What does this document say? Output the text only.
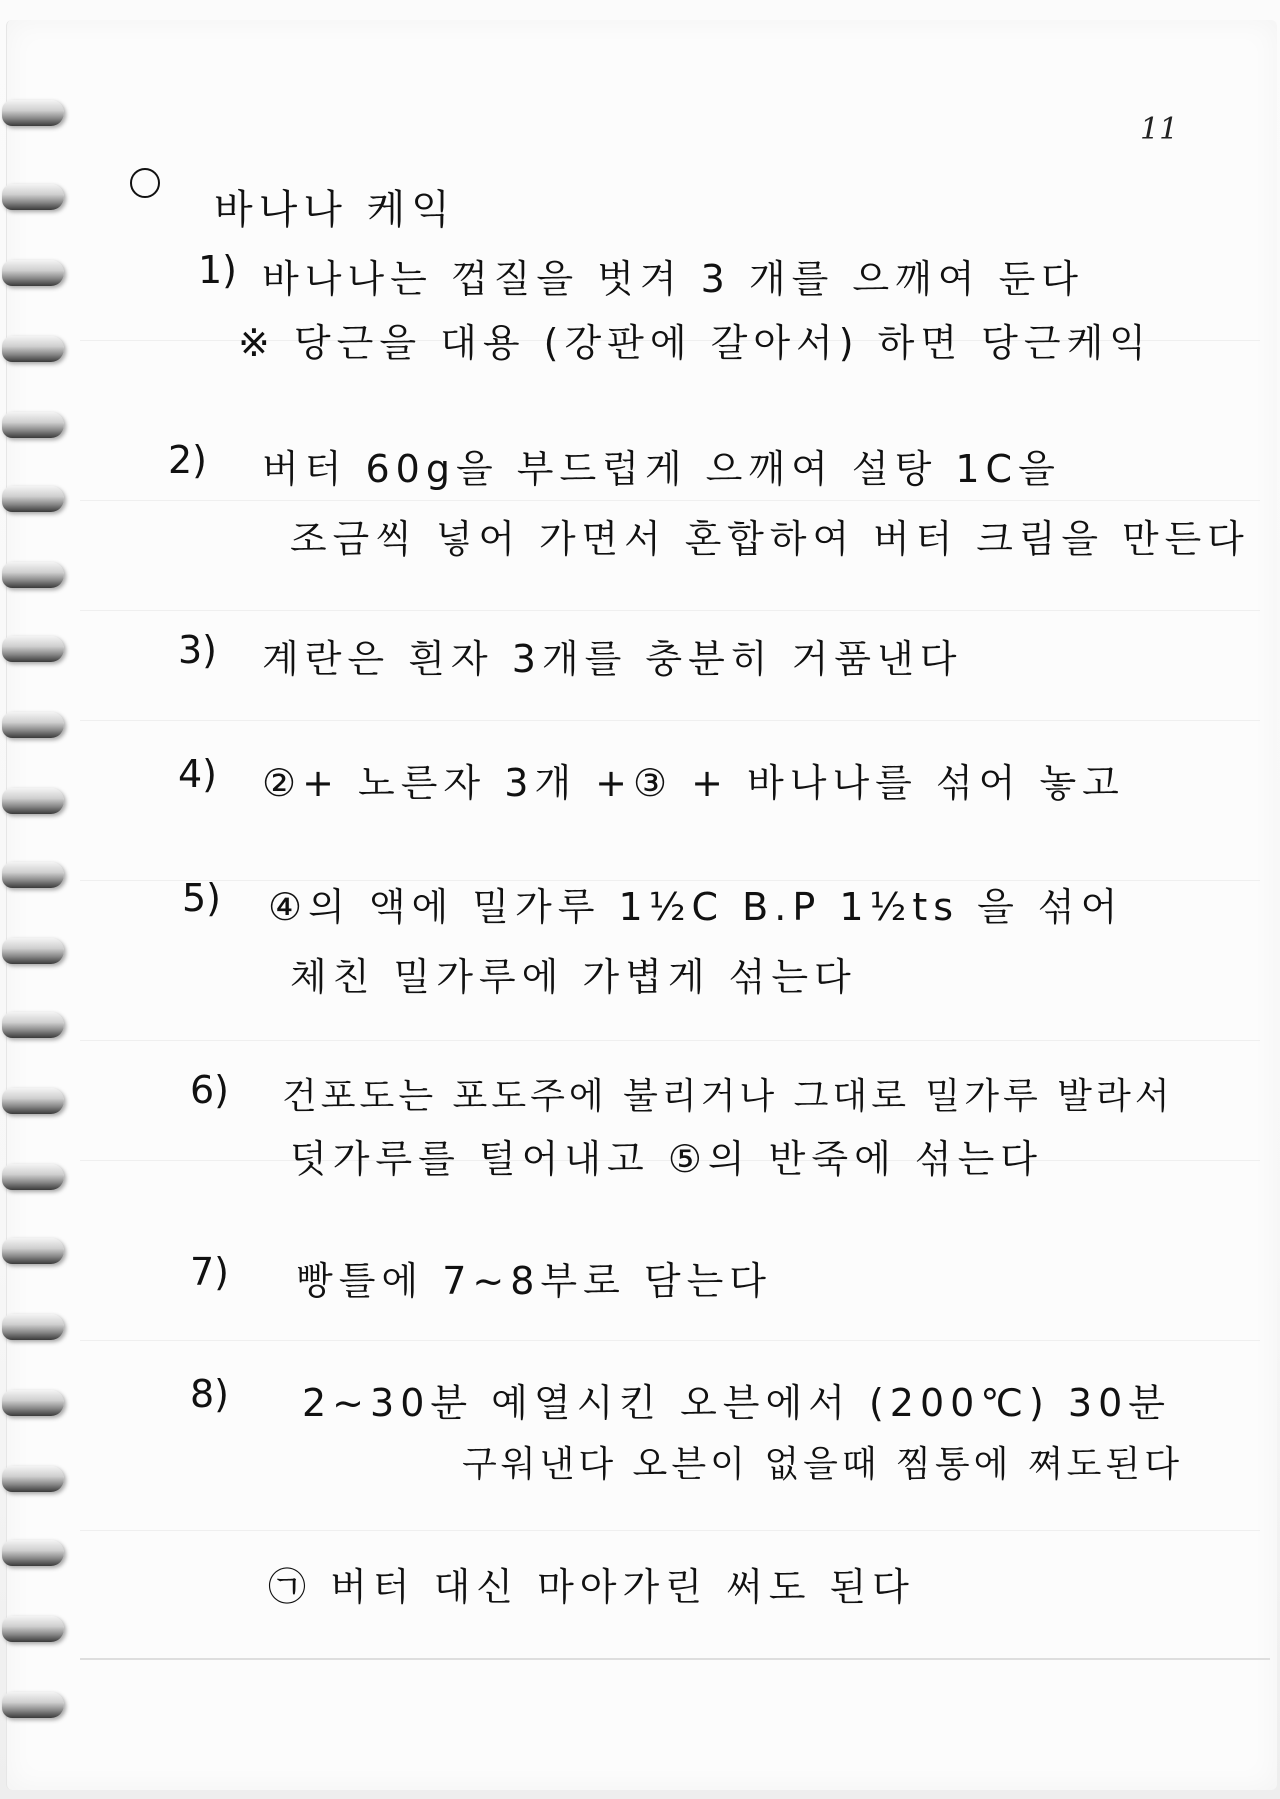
11
바나나 케익
1) 바나나는 껍질을 벗겨 3 개를 으깨여 둔다
※ 당근을 대용 (강판에 갈아서) 하면 당근케익
2) 버터 60g을 부드럽게 으깨여 설탕 1C을
조금씩 넣어 가면서 혼합하여 버터 크림을 만든다
3) 계란은 흰자 3개를 충분히 거품낸다
4) ②+ 노른자 3개 +③ + 바나나를 섞어 놓고
5) ④의 액에 밀가루 1½C B.P 1½ts 을 섞어
체친 밀가루에 가볍게 섞는다
6) 건포도는 포도주에 불리거나 그대로 밀가루 발라서
덧가루를 털어내고 ⑤의 반죽에 섞는다
7) 빵틀에 7~8부로 담는다
8) 2~30분 예열시킨 오븐에서 (200℃) 30분
구워낸다 오븐이 없을때 찜통에 쪄도된다
㉠ 버터 대신 마아가린 써도 된다
